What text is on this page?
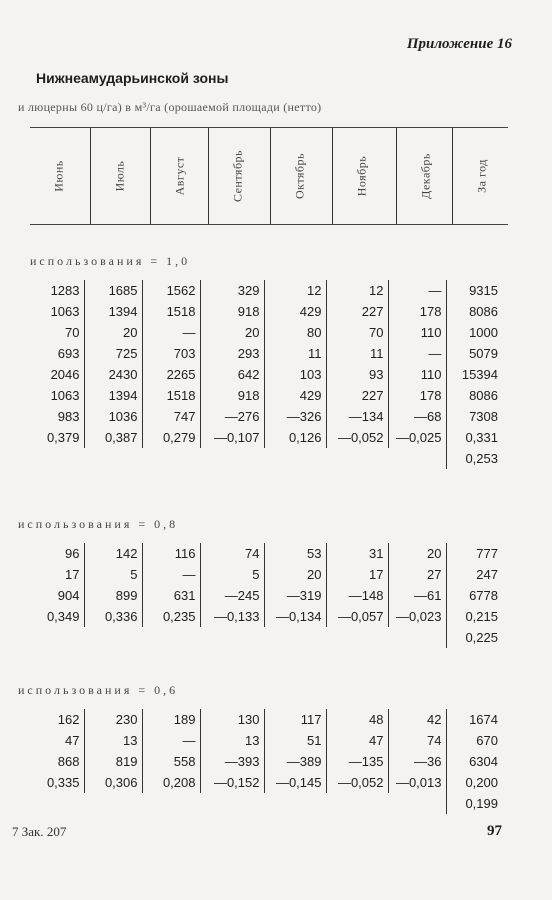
Приложение 16
Нижнеамударьинской зоны
и люцерны 60 ц/га) в м³/га (орошаемой площади (нетто)
Июнь	Июль	Август	Сентябрь	Октябрь	Ноябрь	Декабрь	За год
использования = 1,0
1283	1685	1562	329	12	12	—	9315
1063	1394	1518	918	429	227	178	8086
70	20	—	20	80	70	110	1000
693	725	703	293	11	11	—	5079
2046	2430	2265	642	103	93	110	15394
1063	1394	1518	918	429	227	178	8086
983	1036	747	—276	—326	—134	—68	7308
0,379	0,387	0,279	—0,107	0,126	—0,052	—0,025	0,331
							0,253
использования = 0,8
96	142	116	74	53	31	20	777
17	5	—	5	20	17	27	247
904	899	631	—245	—319	—148	—61	6778
0,349	0,336	0,235	—0,133	—0,134	—0,057	—0,023	0,215
							0,225
использования = 0,6
162	230	189	130	117	48	42	1674
47	13	—	13	51	47	74	670
868	819	558	—393	—389	—135	—36	6304
0,335	0,306	0,208	—0,152	—0,145	—0,052	—0,013	0,200
							0,199
7 Зак. 207	97
